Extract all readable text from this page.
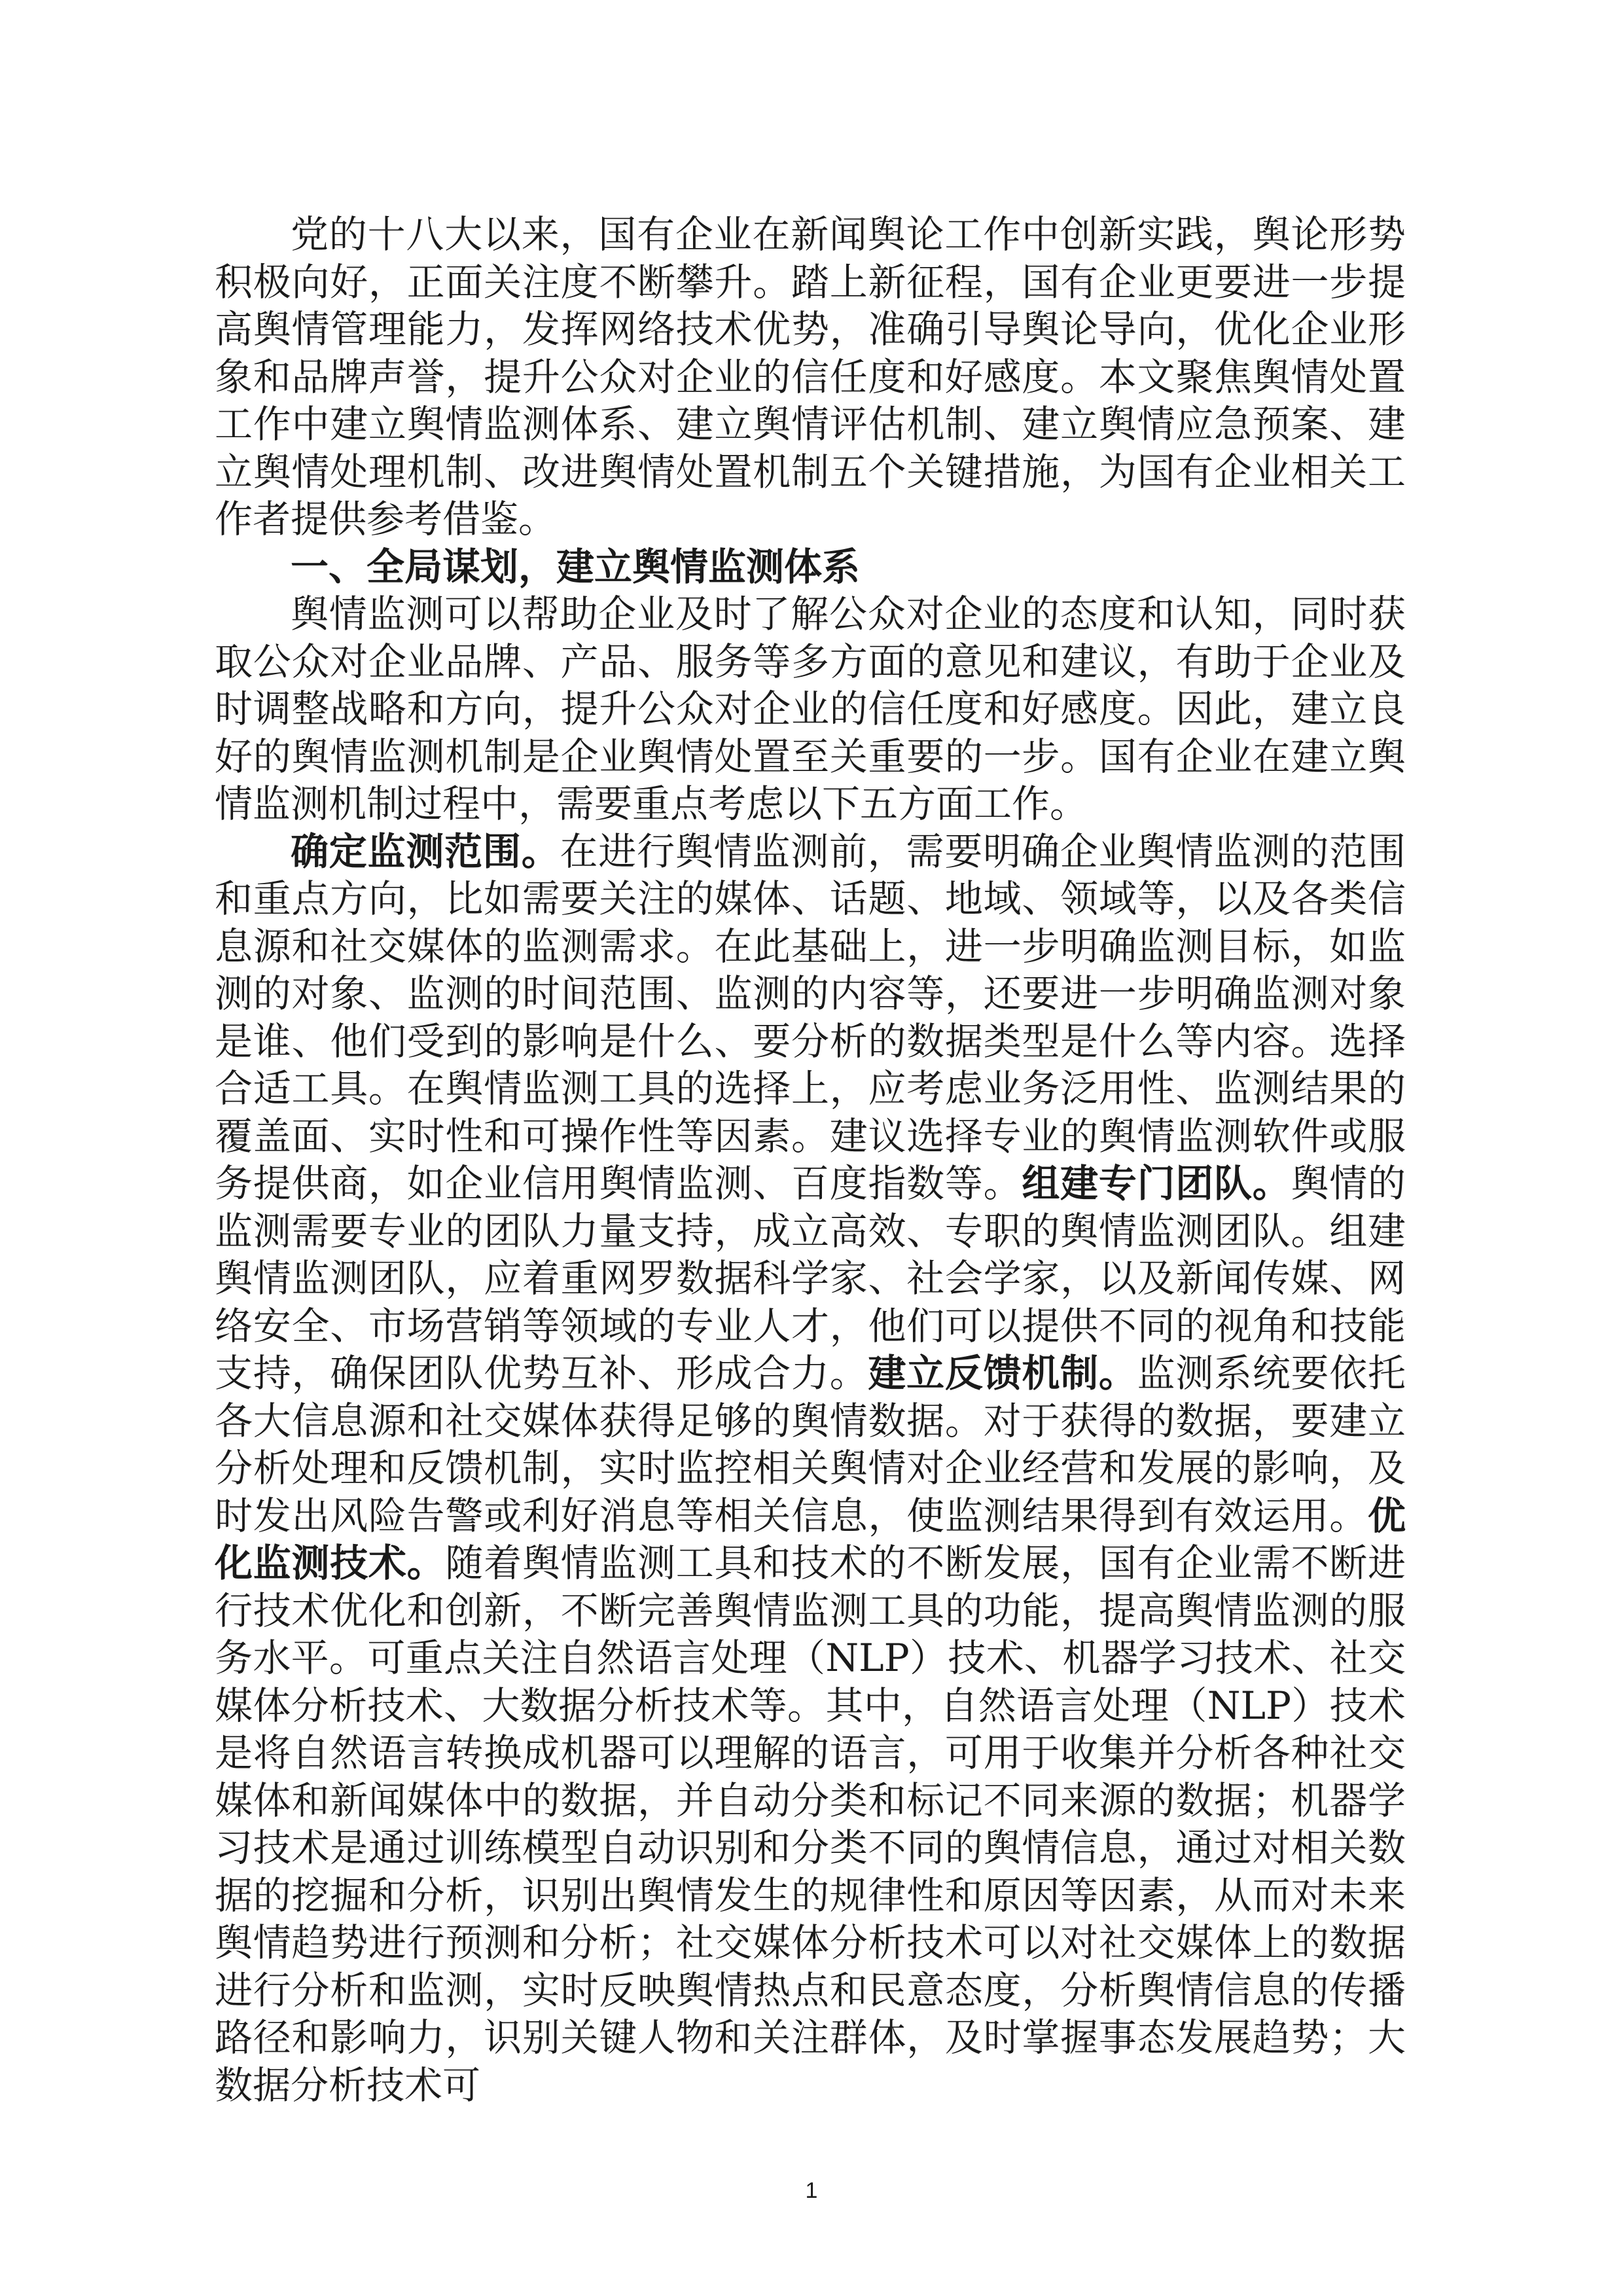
党的十八大以来，国有企业在新闻舆论工作中创新实践，舆论形势积极向好，正面关注度不断攀升。踏上新征程，国有企业更要进一步提高舆情管理能力，发挥网络技术优势，准确引导舆论导向，优化企业形象和品牌声誉，提升公众对企业的信任度和好感度。本文聚焦舆情处置工作中建立舆情监测体系、建立舆情评估机制、建立舆情应急预案、建立舆情处理机制、改进舆情处置机制五个关键措施，为国有企业相关工作者提供参考借鉴。

一、全局谋划，建立舆情监测体系

舆情监测可以帮助企业及时了解公众对企业的态度和认知，同时获取公众对企业品牌、产品、服务等多方面的意见和建议，有助于企业及时调整战略和方向，提升公众对企业的信任度和好感度。因此，建立良好的舆情监测机制是企业舆情处置至关重要的一步。国有企业在建立舆情监测机制过程中，需要重点考虑以下五方面工作。

确定监测范围。在进行舆情监测前，需要明确企业舆情监测的范围和重点方向，比如需要关注的媒体、话题、地域、领域等，以及各类信息源和社交媒体的监测需求。在此基础上，进一步明确监测目标，如监测的对象、监测的时间范围、监测的内容等，还要进一步明确监测对象是谁、他们受到的影响是什么、要分析的数据类型是什么等内容。选择合适工具。在舆情监测工具的选择上，应考虑业务泛用性、监测结果的覆盖面、实时性和可操作性等因素。建议选择专业的舆情监测软件或服务提供商，如企业信用舆情监测、百度指数等。组建专门团队。舆情的监测需要专业的团队力量支持，成立高效、专职的舆情监测团队。组建舆情监测团队，应着重网罗数据科学家、社会学家，以及新闻传媒、网络安全、市场营销等领域的专业人才，他们可以提供不同的视角和技能支持，确保团队优势互补、形成合力。建立反馈机制。监测系统要依托各大信息源和社交媒体获得足够的舆情数据。对于获得的数据，要建立分析处理和反馈机制，实时监控相关舆情对企业经营和发展的影响，及时发出风险告警或利好消息等相关信息，使监测结果得到有效运用。优化监测技术。随着舆情监测工具和技术的不断发展，国有企业需不断进行技术优化和创新，不断完善舆情监测工具的功能，提高舆情监测的服务水平。可重点关注自然语言处理（NLP）技术、机器学习技术、社交媒体分析技术、大数据分析技术等。其中，自然语言处理（NLP）技术是将自然语言转换成机器可以理解的语言，可用于收集并分析各种社交媒体和新闻媒体中的数据，并自动分类和标记不同来源的数据；机器学习技术是通过训练模型自动识别和分类不同的舆情信息，通过对相关数据的挖掘和分析，识别出舆情发生的规律性和原因等因素，从而对未来舆情趋势进行预测和分析；社交媒体分析技术可以对社交媒体上的数据进行分析和监测，实时反映舆情热点和民意态度，分析舆情信息的传播路径和影响力，识别关键人物和关注群体，及时掌握事态发展趋势；大数据分析技术可

1
